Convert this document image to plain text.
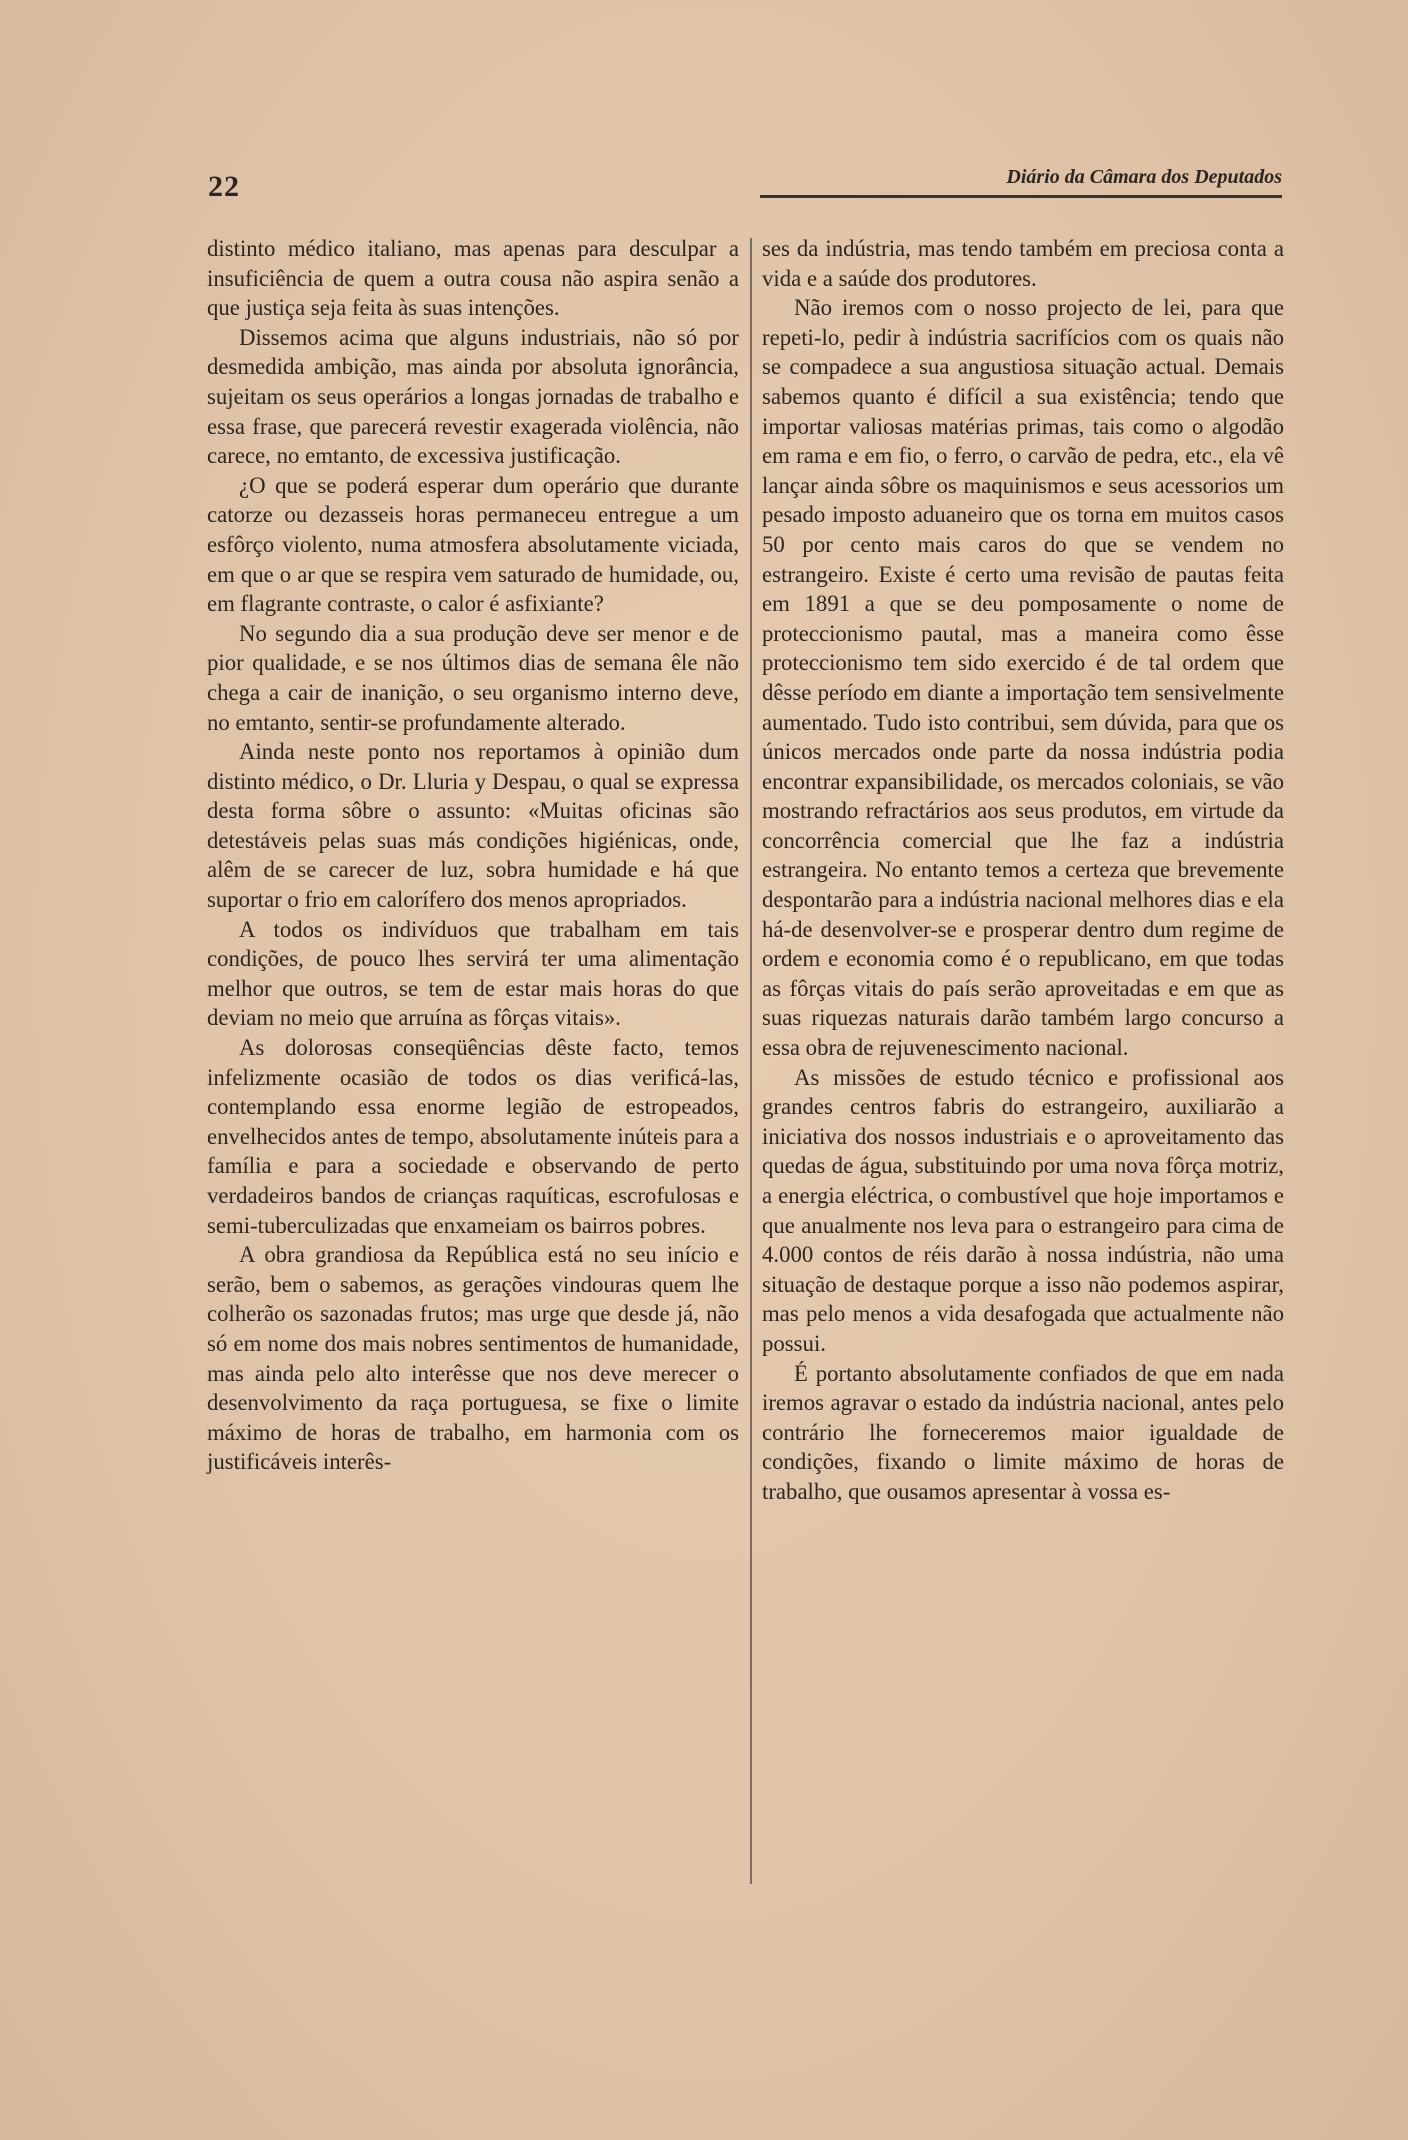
22	Diário da Câmara dos Deputados

distinto médico italiano, mas apenas para desculpar a insuficiência de quem a outra cousa não aspira senão a que justiça seja feita às suas intenções.

Dissemos acima que alguns industriais, não só por desmedida ambição, mas ainda por absoluta ignorância, sujeitam os seus operários a longas jornadas de trabalho e essa frase, que parecerá revestir exagerada violência, não carece, no emtanto, de excessiva justificação.

¿O que se poderá esperar dum operário que durante catorze ou dezasseis horas permaneceu entregue a um esfôrço violento, numa atmosfera absolutamente viciada, em que o ar que se respira vem saturado de humidade, ou, em flagrante contraste, o calor é asfixiante?

No segundo dia a sua produção deve ser menor e de pior qualidade, e se nos últimos dias de semana êle não chega a cair de inanição, o seu organismo interno deve, no emtanto, sentir-se profundamente alterado.

Ainda neste ponto nos reportamos à opinião dum distinto médico, o Dr. Lluria y Despau, o qual se expressa desta forma sôbre o assunto: «Muitas oficinas são detestáveis pelas suas más condições higiénicas, onde, alêm de se carecer de luz, sobra humidade e há que suportar o frio em calorífero dos menos apropriados.

A todos os indivíduos que trabalham em tais condições, de pouco lhes servirá ter uma alimentação melhor que outros, se tem de estar mais horas do que deviam no meio que arruína as fôrças vitais».

As dolorosas conseqüências dêste facto, temos infelizmente ocasião de todos os dias verificá-las, contemplando essa enorme legião de estropeados, envelhecidos antes de tempo, absolutamente inúteis para a família e para a sociedade e observando de perto verdadeiros bandos de crianças raquíticas, escrofulosas e semi-tuberculizadas que enxameiam os bairros pobres.

A obra grandiosa da República está no seu início e serão, bem o sabemos, as gerações vindouras quem lhe colherão os sazonadas frutos; mas urge que desde já, não só em nome dos mais nobres sentimentos de humanidade, mas ainda pelo alto interêsse que nos deve merecer o desenvolvimento da raça portuguesa, se fixe o limite máximo de horas de trabalho, em harmonia com os justificáveis interês-

ses da indústria, mas tendo também em preciosa conta a vida e a saúde dos produtores.

Não iremos com o nosso projecto de lei, para que repeti-lo, pedir à indústria sacrifícios com os quais não se compadece a sua angustiosa situação actual. Demais sabemos quanto é difícil a sua existência; tendo que importar valiosas matérias primas, tais como o algodão em rama e em fio, o ferro, o carvão de pedra, etc., ela vê lançar ainda sôbre os maquinismos e seus acessorios um pesado imposto aduaneiro que os torna em muitos casos 50 por cento mais caros do que se vendem no estrangeiro. Existe é certo uma revisão de pautas feita em 1891 a que se deu pomposamente o nome de proteccionismo pautal, mas a maneira como êsse proteccionismo tem sido exercido é de tal ordem que dêsse período em diante a importação tem sensivelmente aumentado. Tudo isto contribui, sem dúvida, para que os únicos mercados onde parte da nossa indústria podia encontrar expansibilidade, os mercados coloniais, se vão mostrando refractários aos seus produtos, em virtude da concorrência comercial que lhe faz a indústria estrangeira. No entanto temos a certeza que brevemente despontarão para a indústria nacional melhores dias e ela há-de desenvolver-se e prosperar dentro dum regime de ordem e economia como é o republicano, em que todas as fôrças vitais do país serão aproveitadas e em que as suas riquezas naturais darão também largo concurso a essa obra de rejuvenescimento nacional.

As missões de estudo técnico e profissional aos grandes centros fabris do estrangeiro, auxiliarão a iniciativa dos nossos industriais e o aproveitamento das quedas de água, substituindo por uma nova fôrça motriz, a energia eléctrica, o combustível que hoje importamos e que anualmente nos leva para o estrangeiro para cima de 4.000 contos de réis darão à nossa indústria, não uma situação de destaque porque a isso não podemos aspirar, mas pelo menos a vida desafogada que actualmente não possui.

É portanto absolutamente confiados de que em nada iremos agravar o estado da indústria nacional, antes pelo contrário lhe forneceremos maior igualdade de condições, fixando o limite máximo de horas de trabalho, que ousamos apresentar à vossa es-
